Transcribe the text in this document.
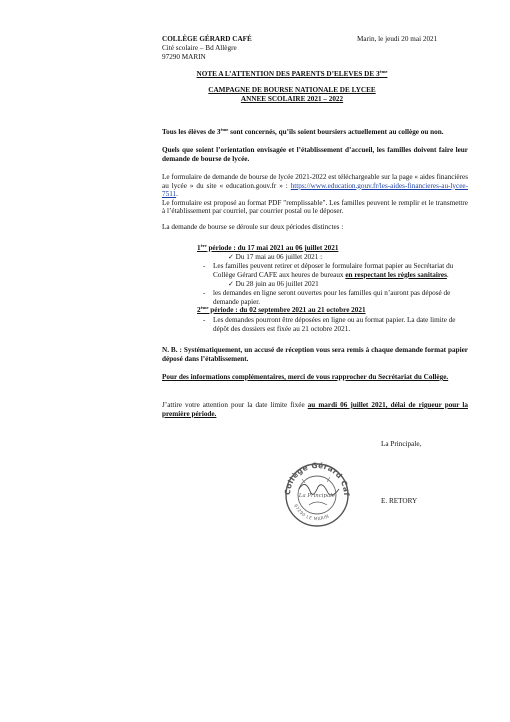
COLLÈGE GÉRARD CAFÉ
Cité scolaire – Bd Allègre
97290 MARIN
Marin, le jeudi 20 mai 2021
NOTE A L’ATTENTION DES PARENTS D’ELEVES DE 3ème
CAMPAGNE DE BOURSE NATIONALE DE LYCEE
ANNEE SCOLAIRE 2021 – 2022
Tous les élèves de 3ème sont concernés, qu’ils soient boursiers actuellement au collège ou non.
Quels que soient l’orientation envisagée et l’établissement d’accueil, les familles doivent faire leur demande de bourse de lycée.
Le formulaire de demande de bourse de lycée 2021-2022 est téléchargeable sur la page « aides financières au lycée » du site « education.gouv.fr » : https://www.education.gouv.fr/les-aides-financieres-au-lycee-7511.
Le formulaire est proposé au format PDF "remplissable". Les familles peuvent le remplir et le transmettre à l’établissement par courriel, par courrier postal ou le déposer.
La demande de bourse se déroule sur deux périodes distinctes :
1ère période : du 17 mai 2021 au 06 juillet 2021
✓ Du 17 mai au 06 juillet 2021 :
- Les familles peuvent retirer et déposer le formulaire format papier au Secrétariat du Collège Gérard CAFE aux heures de bureaux en respectant les règles sanitaires.
✓ Du 28 juin au 06 juillet 2021
- les demandes en ligne seront ouvertes pour les familles qui n’auront pas déposé de demande papier.
2ème période : du 02 septembre 2021 au 21 octobre 2021
- Les demandes pourront être déposées en ligne ou au format papier. La date limite de dépôt des dossiers est fixée au 21 octobre 2021.
N. B. : Systématiquement, un accusé de réception vous sera remis à chaque demande format papier déposé dans l’établissement.
Pour des informations complémentaires, merci de vous rapprocher du Secrétariat du Collège.
J’attire votre attention pour la date limite fixée au mardi 06 juillet 2021, délai de rigueur pour la première période.
La Principale,
E. RETORY
Collège Gérard Caf
97290 LE MARIN
La Principale
